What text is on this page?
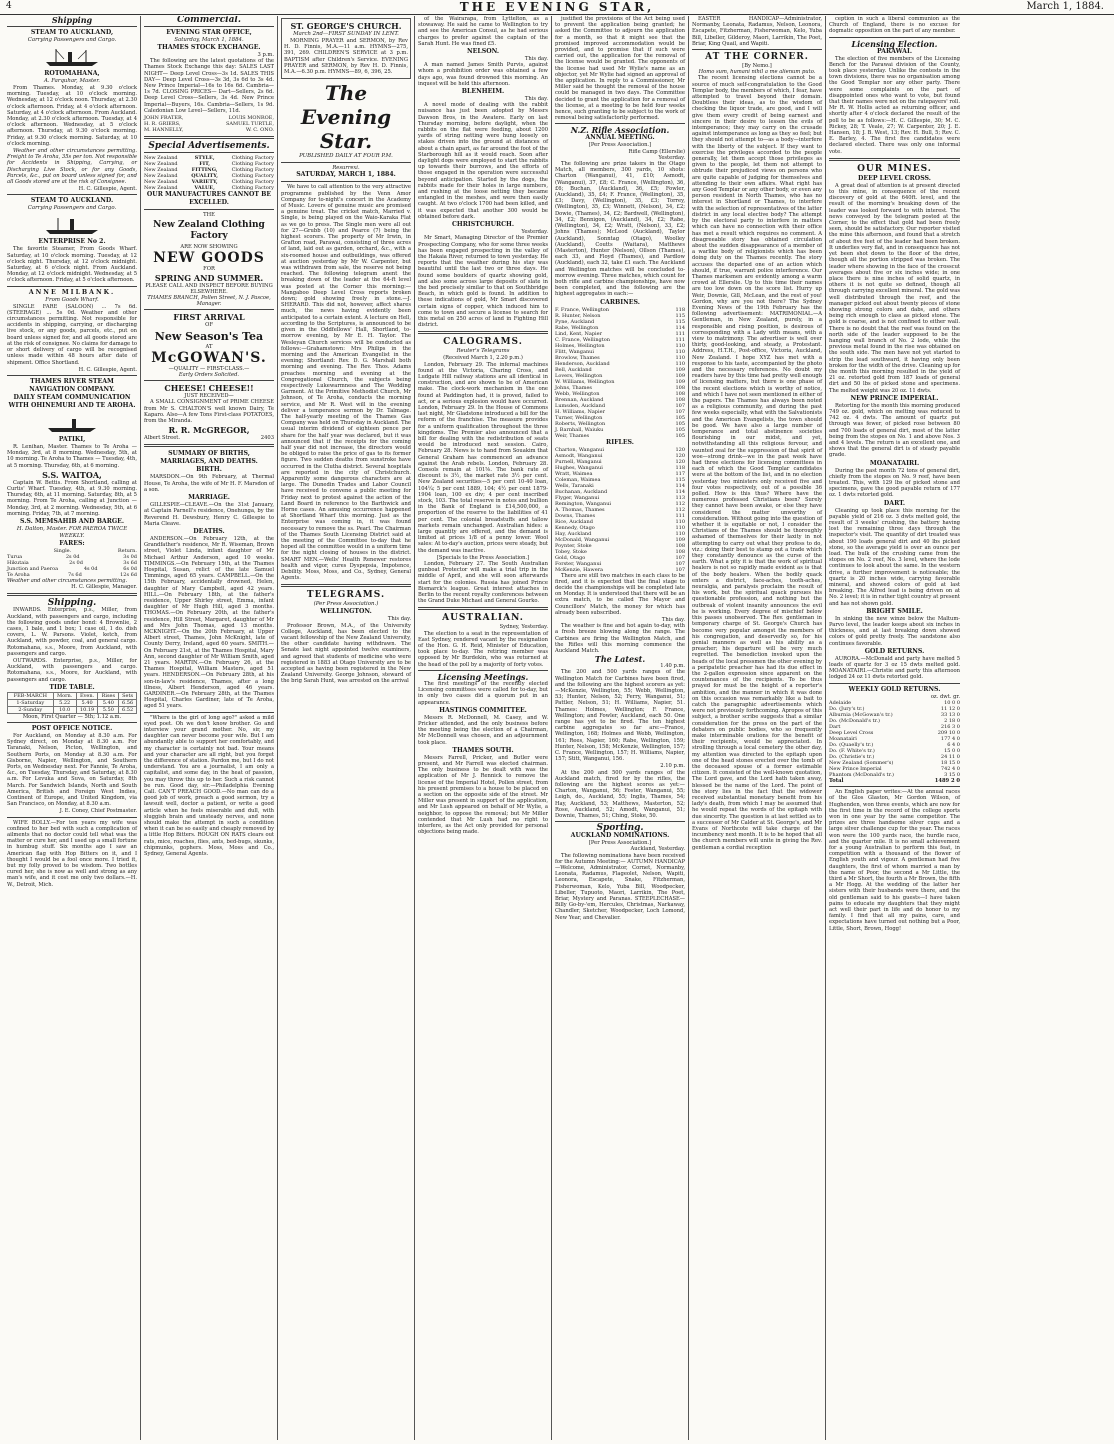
4	THE EVENING STAR,	March 1, 1884.
Shipping
STEAM TO AUCKLAND,
Carrying Passengers and Cargo.
ROTOMAHANA,
A. Farquhar, Master.
From Thames. Monday, at 9.30 o'clock morning. Tuesday, at 10 o'clock morning. Wednesday, at 12 o'clock noon. Thursday, at 2.30 o'clock afternoon. Friday, at 4 o'clock afternoon. Saturday, at 4 o'clock afternoon. From Auckland. Monday, at 2.30 o'clock afternoon. Tuesday, at 4 o'clock afternoon. Wednesday, at 5 o'clock afternoon. Thursday, at 9.30 o'clock morning. Friday, at 9.30 o'clock morning. Saturday, at 10 o'clock morning.
Weather and other circumstances permitting. Freight to Te Aroha, 35s per ton. Not responsible for Accidents in Shipping, Carrying, or Discharging Live Stock, or for any Goods, Parcels, &c., put on board unless signed for, and all Goods stored are at the risk of Consignee.
H. C. Gillespie, Agent.
STEAM TO AUCKLAND.
Carrying Passengers and Cargo.
ENTERPRISE No 2.
The favorite Steamer, From Goods Wharf. Saturday, at 10 o'clock morning. Tuesday, at 12 o'clock night. Thursday, at 12 o'clock midnight. Saturday, at 6 o'clock night. From Auckland. Monday, at 12 o'clock midnight. Wednesday, at 5 o'clock afternoon. Friday, at 5 o'clock afternoon.
ANNE MILBANK.
From Goods Wharf.
SINGLE FARE (SALOON) ... 7s 6d. (STEERAGE) ... 5s 0d. Weather and other circumstances permitting. Not responsible for accidents in shipping, carrying, or discharging live stock, or any goods, parcels, etc., put on board unless signed for, and all goods stored are at the risk of consignee. No claims for damage to or short delivery of cargo will be recognised unless made within 48 hours after date of shipment. Office Shortland.
H. C. Gillespie, Agent.
THAMES RIVER STEAM NAVIGATION COMPANY.
DAILY STEAM COMMUNICATION WITH OHINEMURI AND TE AROHA.
PATIKI,
R. Lenihan, Master. Thames to Te Aroha — Monday, 3rd, at 8 morning. Wednesday, 5th, at 10 morning. Te Aroha to Thames — Tuesday, 4th, at 5 morning. Thursday, 6th, at 6 morning.
S.S. WAITOA,
Captain W. Bettis. From Shortland, calling at Curtis' Wharf. Tuesday, 4th, at 9.30 morning. Thursday, 6th, at 11 morning. Saturday, 8th, at 5 morning. From Te Aroha, calling at Junction — Monday, 3rd, at 2 morning. Wednesday, 5th, at 6 morning. Friday, 7th, at 7 morning.
S.S. MEMSAHIB AND BARGE.
H. Dalton, Master. FOR PAEROA TWICE WEEKLY.
FARES:
Single.	Return.
Turua	2s 0d	3s 0d
Hikutaia	2s 0d	3s 6d
Junction and Paeroa	4s 0d	6s 0d
Te Aroha	7s 6d	12s 6d
Weather and other circumstances permitting.
H. C. Gillespie, Manager.
Shipping.
INWARDS. Enterprise, p.s., Miller, from Auckland, with passengers and cargo, including the following goods under bond: 4 Brownlie, 2 cases, 1 bale, and 1 box; 1 case oil, 1 do. dish covers, L. W. Parsons. Violet, ketch, from Auckland, with powder, coal, and general cargo. Rotomahana, s.s., Moore, from Auckland, with passengers and cargo.
OUTWARDS. Enterprise, p.s., Miller, for Auckland, with passengers and cargo. Rotomahana, s.s., Moore, for Auckland, with passengers and cargo.
TIDE TABLE.
FEB-MARCH	Morn.	Even.	Rises	Sets
1-Saturday	5.22	5.40	5.40	6.56
2-Sunday	10.0	10.19	5.50	6.52
Moon, First Quarter — 5th; 1.12 a.m.
POST OFFICE NOTICE.
For Auckland, on Monday at 8.30 a.m. For Sydney direct, on Monday at 8.30 a.m. For Taranaki, Nelson, Picton, Wellington, and Southern Ports, on Monday at 8.30 a.m. For Gisborne, Napier, Wellington, and Southern Ports, on Wednesday next. For Fannie, Te Aroha, &c., on Tuesday, Thursday, and Saturday, at 8.30 a.m. For Levuka and Suva, on Saturday, 8th March. For Sandwich Islands, North and South America, British and Foreign West Indies, Continent of Europe, and United Kingdom, via San Francisco, on Monday, at 8.30 a.m.
J. E. Coney, Chief Postmaster.
WIFE BOLLY.—For ten years my wife was confined to her bed with such a complication of ailments that no doctor could tell what was the matter or cure her, and I used up a small fortune in humbug stuff. Six months ago I saw an American flag with Hop Bitters on it, and I thought I would be a fool once more. I tried it, but my folly proved to be wisdom. Two bottles cured her, she is now as well and strong as any man's wife, and it cost me only two dollars.—H. W., Detroit, Mich.
Commercial.
EVENING STAR OFFICE,
Saturday, March 1, 1884.
THAMES STOCK EXCHANGE.
3 p.m.
The following are the latest quotations of the Thames Stock Exchange this day: SALES LAST NIGHT— Deep Level Cross—3s 1d. SALES THIS DAY— Deep Level Cross—3s 3d, 3s 6d to 3s 4d. New Prince Imperial—16s to 16s 6d. Cambria—1s 7d. CLOSING PRICES— Dart—Sellers, 2s 6d. Deep Level Cross—Sellers, 3s 4d. New Prince Imperial—Buyers, 16s. Cambria—Sellers, 1s 9d. Caledonian Low Level—Sellers, 11d.
JOHN FRATER,	LOUIS MONROE,
H. R. GRIERS,	SAMUEL TURTLE,
M. HANNELLY,	W. C. ONO.
Special Advertisements.
New Zealand	STYLE,	Clothing Factory
New Zealand	FIT,	Clothing Factory
New Zealand	FITTING,	Clothing Factory
New Zealand	QUALITY,	Clothing Factory
New Zealand	VARIETY,	Clothing Factory
New Zealand	VALUE,	Clothing Factory
OUR MANUFACTURES CANNOT BE EXCELLED.
THE
New Zealand Clothing Factory
ARE NOW SHOWING
NEW GOODS
FOR
SPRING AND SUMMER.
PLEASE CALL AND INSPECT BEFORE BUYING ELSEWHERE.
THAMES BRANCH, Pollen Street, N. J. Pascoe, Manager.
FIRST ARRIVAL
OF
New Season's Tea
AT
McGOWAN'S.
—QUALITY — FIRST-CLASS.—
Early Orders Solicited.
CHEESE! CHEESE!!
JUST RECEIVED—
A SMALL CONSIGNMENT of PRIME CHEESE from Mr S. CHALTON'S well known Dairy, Te Kaparo. Also—A few Tons First-class POTATOES, from the Miranda.
R. R. McGREGOR,
Albert Street.	2403
SUMMARY OF BIRTHS, MARRIAGES, AND DEATHS.
BIRTH.
MARSDON.—On 9th February, at Thermal House, Te Aroha, the wife of Mr H. F. Marsdon of a son.
MARRIAGE.
GILLESPIE—CLEAVE.—On the 31st January, at Captain Parnell's residence, Onehunga, by the Reverend H. Dewsbury, Henry C. Gillespie to Maria Cleave.
DEATHS.
ANDERSON.—On February 12th, at the Grandfather's residence, Mr R. Wiseman, Brown street, Violet Linda, infant daughter of Mr Michael Arthur Anderson, aged 10 weeks. TIMMINGS.—On February 15th, at the Thames Hospital, Susan, relict of the late Samuel Timmings, aged 65 years. CAMPBELL.—On the 15th February, accidentally drowned, Helen, daughter of Mary Campbell, aged 42 years. HILL.—On February 18th, at the father's residence, Upper Shirley street, Emma, infant daughter of Mr Hugh Hill, aged 3 months. THOMAS.—On February 20th, at the father's residence, Hill Street, Margaret, daughter of Mr and Mrs John Thomas, aged 13 months. MCKNIGHT.—On the 20th February, at Upper Albert street, Thames, John McKnight, late of County Derry, Ireland, aged 60 years. SMITH.—On February 21st, at the Thames Hospital, Mary Ann, second daughter of Mr William Smith, aged 21 years. MARTIN.—On February 26, at the Thames Hospital, William Masters, aged 51 years. HENDERSON.—On February 28th, at his son-in-law's residence, Thames, after a long illness, Albert Henderson, aged 46 years. GARDINER.—On February 28th, at the Thames Hospital, Charles Gardiner, late of Te Aroha, aged 51 years.
"Where is the girl of long ago?" asked a mild eyed poet. Oh we don't know brother. Go and interview your grand mother. No, sir, my daughter can never become your wife. But I am abundantly able to support her comfortably, and my character is certainly not bad. Your means and your character are all right, but you forget the difference of station. Pardon me, but I do not understand. You are a journalist, I am only a capitalist, and some day, in the heat of passion, you may throw this up to her. Such a risk cannot be run. Good day, sir.—Philadelphia Evening Call. CAN'T PREACH GOOD.—No man can do a good job of work, preach a good sermon, try a lawsuit well, doctor a patient, or write a good article when he feels miserable and dull, with sluggish brain and unsteady nerves, and none should make the attempt in such a condition when it can be so easily and cheaply removed by a little Hop Bitters. ROUGH ON RATS clears out rats, mice, roaches, flies, ants, bed-bugs, skunks, chipmunks, gophers. Moss, Moss and Co., Sydney, General Agents.
ST. GEORGE'S CHURCH.
March 2nd—FIRST SUNDAY IN LENT.
MORNING PRAYER and SERMON, by Rev H. D. Finnis, M.A.—11 a.m. HYMNS—275, 391, 269. CHILDREN'S SERVICE at 3 p.m. BAPTISM after Children's Service. EVENING PRAYER and SERMON, by Rev H. D. Finnis, M.A.—6.30 p.m. HYMNS—89, 6, 396, 25.
The Evening Star.
PUBLISHED DAILY AT FOUR P.M.
Resurrexi.
SATURDAY, MARCH 1, 1884.
We have to call attention to the very attractive programme published by the Venn Amor Company for to-night's concert in the Academy of Music. Lovers of genuine music are promised a genuine treat. The cricket match, Married v. Single, is being played on the Waio-Karaka Flat as we go to press. The Single men were all out for 27—Grubb (10) and Pearce (7) being the highest scorers. The property of Mr Irwin, in Grafton road, Parawai, consisting of three acres of land, laid out as garden, orchard, &c., with a six-roomed house and outbuildings, was offered at auction yesterday by Mr W. Carpenter, but was withdrawn from sale, the reserve not being reached. The following telegram anent the breaking down of the leader at the 64-ft level was posted at the Corner this morning:—Mangaboo Deep Level Cross reports broken down; gold showing freely in stone.—J. SHERARD. This did not, however, affect shares much, the news having evidently been anticipated to a certain extent. A lecture on Hell, according to the Scriptures, is announced to be given in the Oddfellows' Hall, Shortland, to-morrow evening, by Mr E. H. Taylor. The Wesleyan Church services will be conducted as follows:—Grahamstown: Mrs Philips in the morning and the American Evangelist in the evening; Shortland: Rev. D. G. Marshall both morning and evening. The Rev. Thos. Adams preaches morning and evening at the Congregational Church, the subjects being respectively Lukewarmness and The Wedding Garment. At the Primitive Methodist Church, Mr Johnson, of Te Aroha, conducts the morning service, and Mr R. West will in the evening deliver a temperance sermon by Dr. Talmage. The half-yearly meeting of the Thames Gas Company was held on Thursday in Auckland. The usual interim dividend of eighteen pence per share for the half year was declared, but it was announced that if the receipts for the coming half year did not increase, the directors would be obliged to raise the price of gas to its former figure. Two sudden deaths from sunstroke have occurred in the Clutha district. Several hospitals are reported in the city of Christchurch. Apparently some dangerous characters are at large. The Dunedin Trades and Labor Council have received to convene a public meeting for Friday next to protest against the action of the Land Board in reference to the Barthwick and Horne cases. An amusing occurrence happened at Shortland Wharf this morning. Just as the Enterprise was coming in, it was found necessary to remove the ss. Pearl. The Chairman of the Thames South Licensing District said at the meeting of the Committee to-day that he hoped all the committee would in a uniform time for the night closing of houses in the district. SMART MEN.—Wells' Health Renewer restores health and vigor, cures Dyspepsia, Impotence, Debility. Moss, Moss, and Co., Sydney, General Agents.
TELEGRAMS.
(Per Press Association.)
WELLINGTON.
This day.
Professor Brown, M.A., of the University College, Auckland, has been elected to the vacant fellowship of the New Zealand University, the other candidate having withdrawn. The Senate last night appointed twelve examiners, and agreed that students of medicine who were registered in 1883 at Otago University are to be accepted as having been registered in the New Zealand University. George Johnson, steward of the brig Sarah Hunt, was arrested on the arrival
of the Wairarapa, from Lyttelton, as a stowaway. He said he came to Wellington to try and see the American Consul, as he had serious charges to prefer against the captain of the Sarah Hunt. He was fined £5.
NELSON.
This day.
A man named James Smith Purvis, against whom a prohibition order was obtained a few days ago, was found drowned this morning. An inquest will be held this afternoon.
BLENHEIM.
This day.
A novel mode of dealing with the rabbit nuisance has just been adopted by Messrs Dawson Bros, in the Awatere. Early on last Thursday morning, before daylight, when the rabbits on the flat were feeding, about 1200 yards of string netting were hung loosely on stakes driven into the ground at distances of about a chain apart, as far around the foot of the Starborough hill as it would reach. Soon after daylight dogs were employed to start the rabbits up towards their burrows, and the efforts of those engaged in the operation were successful beyond anticipation. Started by the dogs, the rabbits made for their holes in large numbers, and rushing at the loose netting they became entangled in the meshes, and were then easily caught. At two o'clock 1700 had been killed, and it was expected that another 300 would be obtained before dark.
CHRISTCHURCH.
Yesterday.
Mr Smart, Managing Director of the Premier Prospecting Company, who for some three weeks has been engaged prospecting in the valley of the Hakaia River, returned to town yesterday. He reports that the weather during his stay was beautiful until the last two or three days. He found some boulders of quartz showing gold, and also some across large deposits of slate in the bed precisely similar to that on Southbridge Beach, in which gold is found. In addition to these indications of gold, Mr Smart discovered certain signs of copper, which induced him to come to town and secure a license to search for this metal on 250 acres of land in Fighting Hill district.
CALOGRAMS.
Reuter's Telegrams
(Received March 1, 2.20 p.m.)
London, February 29. The infernal machines found at the Victoria, Charing Cross, and Ludgate Hill railway stations are all identical in construction, and are shown to be of American make. The clock-work mechanism in the one found at Paddington had, it is proved, failed to act, or a serious explosion would have occurred. London, February 29. In the House of Commons last night, Mr Gladstone introduced a bill for the reform of the franchise. The measure provides for a uniform qualification throughout the three kingdoms. The Premier also announced that a bill for dealing with the redistribution of seats would be introduced next session. Cairo, February 28. News is to hand from Souakim that General Graham has commenced an advance against the Arab rebels. London, February 28. Consols remain at 101⅝. The bank rate of discount is 3½, the market rate 3½ per cent. New Zealand securities—5 per cent 10-40 loan, 104¼; 5 per cent 1889, 104; 4½ per cent 1879-1904 loan, 100 ex div; 4 per cent inscribed stock, 103. The total reserve in notes and bullion in the Bank of England is £14,500,000, a proportion of the reserve to the liabilities of 41 per cent. The colonial breadstuffs and tallow markets remain unchanged. Australian hides: a large quantity are offered, and the demand is limited at prices 1/8 of a penny lower. Wool sales: At to-day's auction, prices were steady, but the demand was inactive.
[Specials to the Press Association.]
London, February 27. The South Australian gunboat Protector will make a trial trip in the middle of April, and she will soon afterwards start for the colonies. Russia has joined Prince Bismarck's league. Great interest attaches in Berlin to the recent royalty conferences between the Grand Duke Michael and General Gourko.
AUSTRALIAN.
Sydney, Yesterday.
The election to a seat in the representation of East Sydney, rendered vacant by the resignation of the Hon. G. H. Reid, Minister of Education, took place to-day. The retiring member was opposed by Mr Burdekin, who was returned at the head of the poll by a majority of forty votes.
Licensing Meetings.
The first meetings of the recently elected Licensing committees were called for to-day, but in only two cases did a quorum put in an appearance.
HASTINGS COMMITTEE.
Messrs R. McDonnell, M. Casey, and W. Pricker attended, and the only business before the meeting being the election of a Chairman, Mr McDonnell was chosen, and an adjournment took place.
THAMES SOUTH.
Messrs Farrell, Pricker, and Butler were present, and Mr Farrell was elected chairman. The only business to be dealt with was the application of Mr J. Rennick to remove the license of the Imperial Hotel, Pollen street, from his present premises to a house to be placed on a section on the opposite side of the street. Mr Miller was present in support of the application, and Mr Lush appeared on behalf of Mr Wylie, a neighbor, to oppose the removal; but Mr Miller contended that Mr Lush had no right to interfere, as the Act only provided for personal objections being made.
justified the provisions of the Act being used to prevent the application being granted; he asked the Committee to adjourn the application for a month, so that it might see that the promised improved accommodation would be provided, and to promise that if such were carried out, the application for the removal of the license would be granted. The opponents of the license had used Mr Wylie's name as an objector, yet Mr Wylie had signed an approval of the application. In reply to a Commissioner, Mr Miller said he thought the removal of the house could be managed in two days. The Committee decided to grant the application for a removal of the license, at a meeting to be held four weeks hence, such granting to be subject to the work of removal being satisfactorily performed.
N.Z. Rifle Association.
ANNUAL MEETING.
[Per Press Association.]
Rifle Camp (Ellerslie)
Yesterday.
The following are prize takers in the Otago Match, all members, 300 yards, 10 shots: Charton (Wanganui), 41, £10; Asmodt, (Wanganui), 37, £8; C. France, (Wellington), 36, £6; Buchan, (Auckland), 36, £5; Fowler, (Auckland), 35, £4; F. France, (Wellington), 35, £3; Davy, (Wellington), 35, £3; Torrey, (Wellington), 35, £3; Winnett, (Nelson), 34, £2; Dowie, (Thames), 34, £2; Bardwell, (Wellington), 34, £2; Bennigon, (Auckland), 34, £2; Rabe, (Wellington), 34, £2; Wratt, (Nelson), 33, £2; Johns (Thames); McLeod (Auckland), Taylor (Auckland), Sonntag (Otago), Woolley (Auckland), Coutts (Waitara), Matthews (Masterton), Hunter (Nelson), Ollson (Thames), each 33, and Floyd (Thames), and Pardlow (Auckland), each 32, take £1 each. The Auckland and Wellington matches will be concluded to-morrow evening. Three matches, which count for both rifle and carbine championships, have now been completed, and the following are the highest aggregates in each:—
CARBINES.
F. France, Wellington	118
R. Hunter, Nelson	115
Pyne, Auckland	115
Rabe, Wellington	114
Lind, Kent, Napier	111
C. France, Wellington	111
Holmes, Wellington	110
Flitt, Wanganui	110
Browlow, Thames	110
Henderson, Auckland	110
Bell, Auckland	109
Lovers, Wellington	109
W. Williams, Wellington	109
Johns, Thames	108
Webb, Wellington	108
Brennan, Auckland	108
Lumsden, Auckland	107
H. Williams, Napier	107
Turner, Wellington	105
Roberts, Wellington	105
J. Barnhall, Waiuku	105
Weir, Thames	105
RIFLES.
Charton, Wanganui	120
Asmodt, Wanganui	120
Purnell, Wanganui	120
Hughes, Wanganui	118
Wratt, Waimea	117
Coleman, Waimea	115
Wells, Taranaki	114
Buchanan, Auckland	114
Flyger, Wanganui	113
Remington, Wanganui	112
A. Thomas, Thames	112
Downs, Thames	111
Rice, Auckland	110
Kennedy, Otago	110
Hay, Auckland	110
McDonald, Wanganui	109
Poynter, Stoke	108
Tobey, Stoke	108
Gold, Otago	107
Forster, Wanganui	107
McKenzie, Hawera	107
There are still two matches in each class to be fired, and it is expected that the final stage to decide the championships will be completed late on Monday. It is understood that there will be an extra match, to be called The Mayor and Councillors' Match, the money for which has already been subscribed.
This day.
The weather is fine and hot again to-day, with a fresh breeze blowing along the range. The Carbines are firing the Wellington Match, and the Rifles will this morning commence the Auckland Match.
The Latest.
1.40 p.m.
The 200 and 500 yards ranges of the Wellington Match for Carbines have been fired, and the following are the highest scorers as yet:—McKenzie, Wellington, 55; Webb, Wellington, 53; Hunter, Nelson, 52; Ferry, Wanganui, 51; Pattler, Nelson, 51; H. Williams, Napier, 51. Thames: Holmes, Wellington; F. France, Wellington; and Fowler, Auckland, each 50. One range has yet to be fired. The ten highest carbine aggregates so far are:—France, Wellington, 168; Holmes and Webb, Wellington, 161; Rees, Napier, 160; Rabe, Wellington, 159; Hunter, Nelson, 158; McKenzie, Wellington, 157; C. France, Wellington, 157; H. Williams, Napier, 157; Stitt, Wanganui, 156.
2.10 p.m.
At the 200 and 500 yards ranges of the Auckland match, fired for by the rifles, the following are the highest scores as yet:—Charton, Wanganui, 56; Foster, Wanganui, 55; Leigh, do., Auckland, 55; Inglis, Thames, 54; Hay, Auckland, 53; Matthews, Masterton, 52; Rose, Auckland, 52; Amodt, Wanganui, 51; Downie, Thames, 51; Ching, Stoke, 50.
Sporting.
AUCKLAND NOMINATIONS.
[Per Press Association.]
Auckland, Yesterday.
The following nominations have been received for the Autumn Meeting:— AUTUMN HANDICAP—Welcome, Administrator, Cornet, Normanby, Leonata, Radamus, Flageolet, Nelson, Wapiti, Leonora, Escapete, Snake, Fitzherman, Fisherwoman, Kelo, Yuba Bill, Woodpecker, Libeller, Tupuoto, Maori, Larrikin, The Poet, Briar, Mystery and Paranas. STEEPLECHASE—Billy Go-by-'em, Hercules, Christmas, Narkaway, Chandler, Sketcher, Woodpecker, Loch Lomond, New Year, and Chevalier.
EASTER HANDICAP—Administrator, Normanby, Leonata, Radamus, Nelson, Leonora, Escapete, Fitzherman, Fisherwoman, Kelo, Yuba Bill, Libeller, Gilderoy, Maori, Larrikin, The Poet, Briar, King Quail, and Wapiti.
AT THE CORNER.
[By Nemo.]
Homo sum, humani nihil a me alienum puto.
The recent licensing elections cannot be a source of much self-congratulation to the Good Templar body, the members of which, I fear, have attempted to travel beyond their domain. Doubtless their ideas, as to the wisdom of checking the liquor trade, are good, and I will give them every credit of being earnest and sincere in their desire to lessen the evils of intemperance; they may carry on the crusade against intemperance as long as they so feel; but they should not attempt to—as a body—interfere with the liberty of the subject. If they want to exercise the privileges accorded to the people generally, let them accept those privileges as given to the people, let them not attempt to obtrude their prejudiced views on persons who are quite capable of judging for themselves and attending to their own affairs. What right has any Good Templar or any other body, or even any person resident in North Thames, who has no interest in Shortland or Thames, to interfere with the selection of representatives of the latter district in any local elective body? The attempt by the electoral party to interfere in matters which can have no connection with their office has met a result which requires no comment. A disagreeable story has obtained circulation about the sudden disappearance of a member of a warlike body of religionists which has been doing duty on the Thames recently. The story accuses the departed one of an action which should, if true, warrant police interference. Our Thames marksmen are evidently among a warm crowd at Ellerslie. Up to this time their names are too low down on the score list. Hurry up Weir, Downie, Gill, McLean, and the rest of you! Gordon, why are you not there? The Sydney Evening News of the 19th February has the following advertisement: MATRIMONIAL.—A Gentleman, in New Zealand, purely, in a responsible and rising position, is desirous of corresponding with a Lady with means, with a view to matrimony. The advertiser is well over thirty, good-looking, and steady, a Protestant. Address, H.T.H., Post-office, Victoria, Auckland, New Zealand. I hope XYZ has met with a response to his taste, accompanied by the photo and the necessary references. No doubt my readers have by this time had pretty well enough of licensing matters, but there is one phase of the recent elections which is worthy of notice, and which I have not seen mentioned in either of the papers. The Thames has always been noted as a religious community, and during the past few weeks especially, what with the Salvationists and the American Evangelists, the town should be good. We have also a large number of temperance and total abstinence societies flourishing in our midst, and yet, notwithstanding all this religious fervour, and vaunted zeal for the suppression of that spirit of woe—strong drink—we in the past week have had three elections for licensing committees in each of which the Good Templar candidates were at the bottom of the list, and in no election yesterday two ministers only received five and four votes respectively, out of a possible 36 polled. How is this thus? Where have the numerous professed Christians been? Surely they cannot have been awake, or else they have considered the matter unworthy of consideration. Without going into the question of whether it is equitable or not, I consider the Christians of the Thames should be thoroughly ashamed of themselves for their laxity in not attempting to carry out what they profess to do, viz.: doing their best to stamp out a trade which they constantly denounce as the curse of the earth. What a pity it is that the work of spiritual healers is not so rapidly made evident as is that of the body healers. When the bodily quack enters a district, face-aches, tooth-aches, neuralgia, and paralysis proclaim the result of his work, but the spiritual quack pursues his questionable profession, and nothing but the outbreak of violent insanity announces the evil he is working. Every degree of mischief below this passes unobserved. The Rev. gentleman in temporary charge of St. George's Church has become very popular amongst the members of his congregation, and deservedly so, for his genial manners as well as his ability as a preacher; his departure will be very much regretted. The benediction invoked upon the heads of the local pressmen the other evening by a peripatetic preacher has had its due effect in the 2-gallon expression since apparent on the countenances of the recipients. To be thus prayed for must be the height of a reporter's ambition, and the manner in which it was done on this occasion was remarkably like a bait to catch the paragraphic advertisements which were not previously forthcoming. Apropos of this subject, a brother scribe suggests that a similar consideration for the press on the part of the debaters on public bodies, who so frequently make interminable orations for the benefit of their recipients, would be appreciated. In strolling through a local cemetery the other day, my attention was directed to the epitaph upon one of the head stones erected over the tomb of the deceased spouse of a former estimable citizen. It consisted of the well-known quotation, The Lord gave, and the Lord hath taken away, blessed be the name of the Lord. The point of the story lies in the fact that the widower received substantial monetary benefit from his lady's death, from which I may be assumed that he would repeat the words of the epitaph with due sincerity. The question is at last settled as to a successor of Mr Calder at St. George's, and Mr Evans of Northcote will take charge of the incumbency next month. It is to be hoped that all the church members will unite in giving the Rev. gentleman a cordial reception
ception in such a liberal communion as the Church of England, there is no excuse for dogmatic opposition on the part of any member.
Licensing Election.
PARAWAI.
The election of five members of the Licensing Bench for the Parawai division of the County, took place yesterday. Unlike the contests in the town divisions, there was no organisation among the Good Templar nor any other party. There were some complaints on the part of disappointed ones who want to vote, but found that their names were not on the ratepayers' roll. Mr R. W. Hollis acted as returning officer, and shortly after 4 o'clock declared the result of the poll to be as follows:—H. C. Gillespie, 30; M. C. Rickey, 28; T. Veale, 27; W. Carpenter, 20; J. E. Hansen, 18; J. B. West, 13; Rev. H. Bull, 5; Rev. C. E. Barley, 4. The first five candidates were declared elected. There was only one informal vote.
OUR MINES.
DEEP LEVEL CROSS.
A great deal of attention is at present directed to this mine, in consequence of the recent discovery of gold at the 640ft. level, and the result of the morning's breaking down of the leader was looked forward to with interest. The news conveyed by the telegram posted at the Corner, to the effect that gold had been freely seen, should be satisfactory. Our reporter visited the mine this afternoon, and found that a stretch of about five feet of the leader had been broken. It underlies very flat, and in consequence has not yet been shot down to the floor of the drive, though all the portion stripped was broken. The leader where showing in the face of the crosscut averages about five or six inches wide; in one place there is nine inches of solid quartz, in others it is not quite so defined, though all through carrying excellent mineral. The gold was well distributed through the reef, and the manager picked out about twenty pieces of stone showing strong colors and dabs, and others being rich enough to class as picked stone. The gold is coarse, and is not confined to either wall. There is no doubt that the reef was found on the north side of the leader supposed to be the hanging wall branch of No. 2 lode, while the previous metal found in the rise was obtained on the south side. The men have not yet started to strip the lead southward, it having only been broken for the width of the drive. Cleaning up for the month this morning resulted in the yield of 21 oz. retorted gold from 187 loads of general dirt and 50 lbs of picked stone and specimens. The melted weight was 20 oz. 11 dwts.
NEW PRINCE IMPERIAL.
Retorting for the month this morning produced 749 oz. gold, which on melting was reduced to 742 oz. 4 dwts. The amount of quartz put through was fewer, of picked rose between 80 and 700 loads of general dirt, most of the latter being from the stopes on No. 1 and above Nos. 3 and 4 levels. The return is an excellent one, and shows that the general dirt is of steady payable grade.
MOANATAIRI.
During the past month 72 tons of general dirt, chiefly from the stopes on No. 9 reef, have been treated. This, with 129 lbs of picked stone and specimens, gave the good payable return of 177 oz. 1 dwts retorted gold.
DART.
Cleaning up took place this morning for the payable yield of 216 oz. 3 dwts melted gold, the result of 3 weeks' crushing, the battery having lost the remaining three days through the inspector's visit. The quantity of dirt treated was about 190 loads general dirt and 40 lbs picked stone, so the average yield is over an ounce per load. The bulk of the crushing came from the stopes on No. 2 reef, No. 3 level, where the lode continues to look about the same. In the western drive, a further improvement is noticeable; the quartz is 20 inches wide, carrying favorable mineral, and showed colors of gold at last breaking. The Alfred lead is being driven on at No. 2 level; it is in rather tight country at present and has not shown gold.
BRIGHT SMILE.
In sinking the new winze below the Maltum-Parvo level, the leader keeps about six inches in thickness, and at last breaking down showed colors of gold pretty freely. The sandstone also continues favorable.
GOLD RETURNS.
AURORA.—McDonald and party have melted 5 loads of quartz for 3 oz 15 dwts melted gold. MOANATAIRI.—Christie and party this afternoon lodged 24 oz 11 dwts retorted gold.
WEEKLY GOLD RETURNS.
oz. dwt. gr.
Adelaide	10 0 0
Do. (Jury's tr.)	11 12 0
Alburnia (McGowan's tr.)	33 13 0
Do. (McDonald's tr.)	2 18 0
Dart	216 3 0
Deep Level Cross	209 10 0
Moanatairi	177 4 0
Do. (Quaelly's tr.)	6 4 0
Do. (F. White's tr.)	15 0 0
Do. (Christie's tr.)	24 11 0
New Zealand (Sommer's)	18 15 0
New Prince Imperial	742 4 0
Phantom (McDonald's tr.)	3 15 0
Total	1489 2 0
An English paper writes:—At the annual races of the Glos Glaston, Mr Gordon Wilson, of Hughenden, won three events, which are now for the first time in the record of the college sports won in one year by the same competitor. The prizes are three handsome silver cups and a large silver challenge cup for the year. The races won were the 100 yards race, the hurdle race, and the quarter mile. It is no small achievement for a young Australian to perform this feat, in competition with a thousand of the flower of English youth and vigour. A gentleman had five daughters, the first of whom married a man by the name of Poor, the second a Mr Little, the third a Mr Short, the fourth a Mr Brown, the fifth a Mr Hogg. At the wedding of the latter her sisters with their husbands were there, and the old gentleman said to his guests—I have taken pains to educate my daughters that they might act well their part in life and do honor to my family. I find that all my pains, care, and expectations have turned out nothing but a Poor, Little, Short, Brown, Hogg!
